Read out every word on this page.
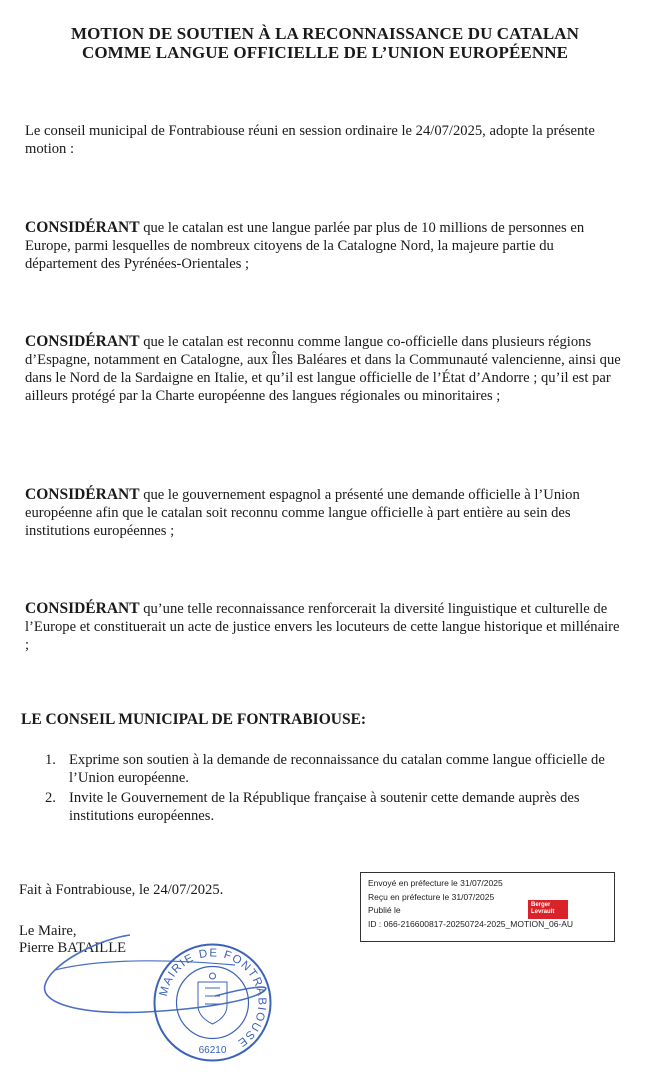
MOTION DE SOUTIEN À LA RECONNAISSANCE DU CATALAN
COMME LANGUE OFFICIELLE DE L’UNION EUROPÉENNE
Le conseil municipal de Fontrabiouse réuni en session ordinaire le 24/07/2025, adopte la présente motion :
CONSIDÉRANT que le catalan est une langue parlée par plus de 10 millions de personnes en Europe, parmi lesquelles de nombreux citoyens de la Catalogne Nord, la majeure partie du département des Pyrénées-Orientales ;
CONSIDÉRANT que le catalan est reconnu comme langue co-officielle dans plusieurs régions d’Espagne, notamment en Catalogne, aux Îles Baléares et dans la Communauté valencienne, ainsi que dans le Nord de la Sardaigne en Italie, et qu’il est langue officielle de l’État d’Andorre ; qu’il est par ailleurs protégé par la Charte européenne des langues régionales ou minoritaires ;
CONSIDÉRANT que le gouvernement espagnol a présenté une demande officielle à l’Union européenne afin que le catalan soit reconnu comme langue officielle à part entière au sein des institutions européennes ;
CONSIDÉRANT qu’une telle reconnaissance renforcerait la diversité linguistique et culturelle de l’Europe et constituerait un acte de justice envers les locuteurs de cette langue historique et millénaire ;
LE CONSEIL MUNICIPAL DE FONTRABIOUSE:
1. Exprime son soutien à la demande de reconnaissance du catalan comme langue officielle de l’Union européenne.
2. Invite le Gouvernement de la République française à soutenir cette demande auprès des institutions européennes.
Fait à Fontrabiouse, le 24/07/2025.
Le Maire,
Pierre BATAILLE
Envoyé en préfecture le 31/07/2025
Reçu en préfecture le 31/07/2025
Publié le
ID : 066-216600817-20250724-2025_MOTION_06-AU
Berger
Levrault
MAIRIE DE FONTRABIOUSE
66210
